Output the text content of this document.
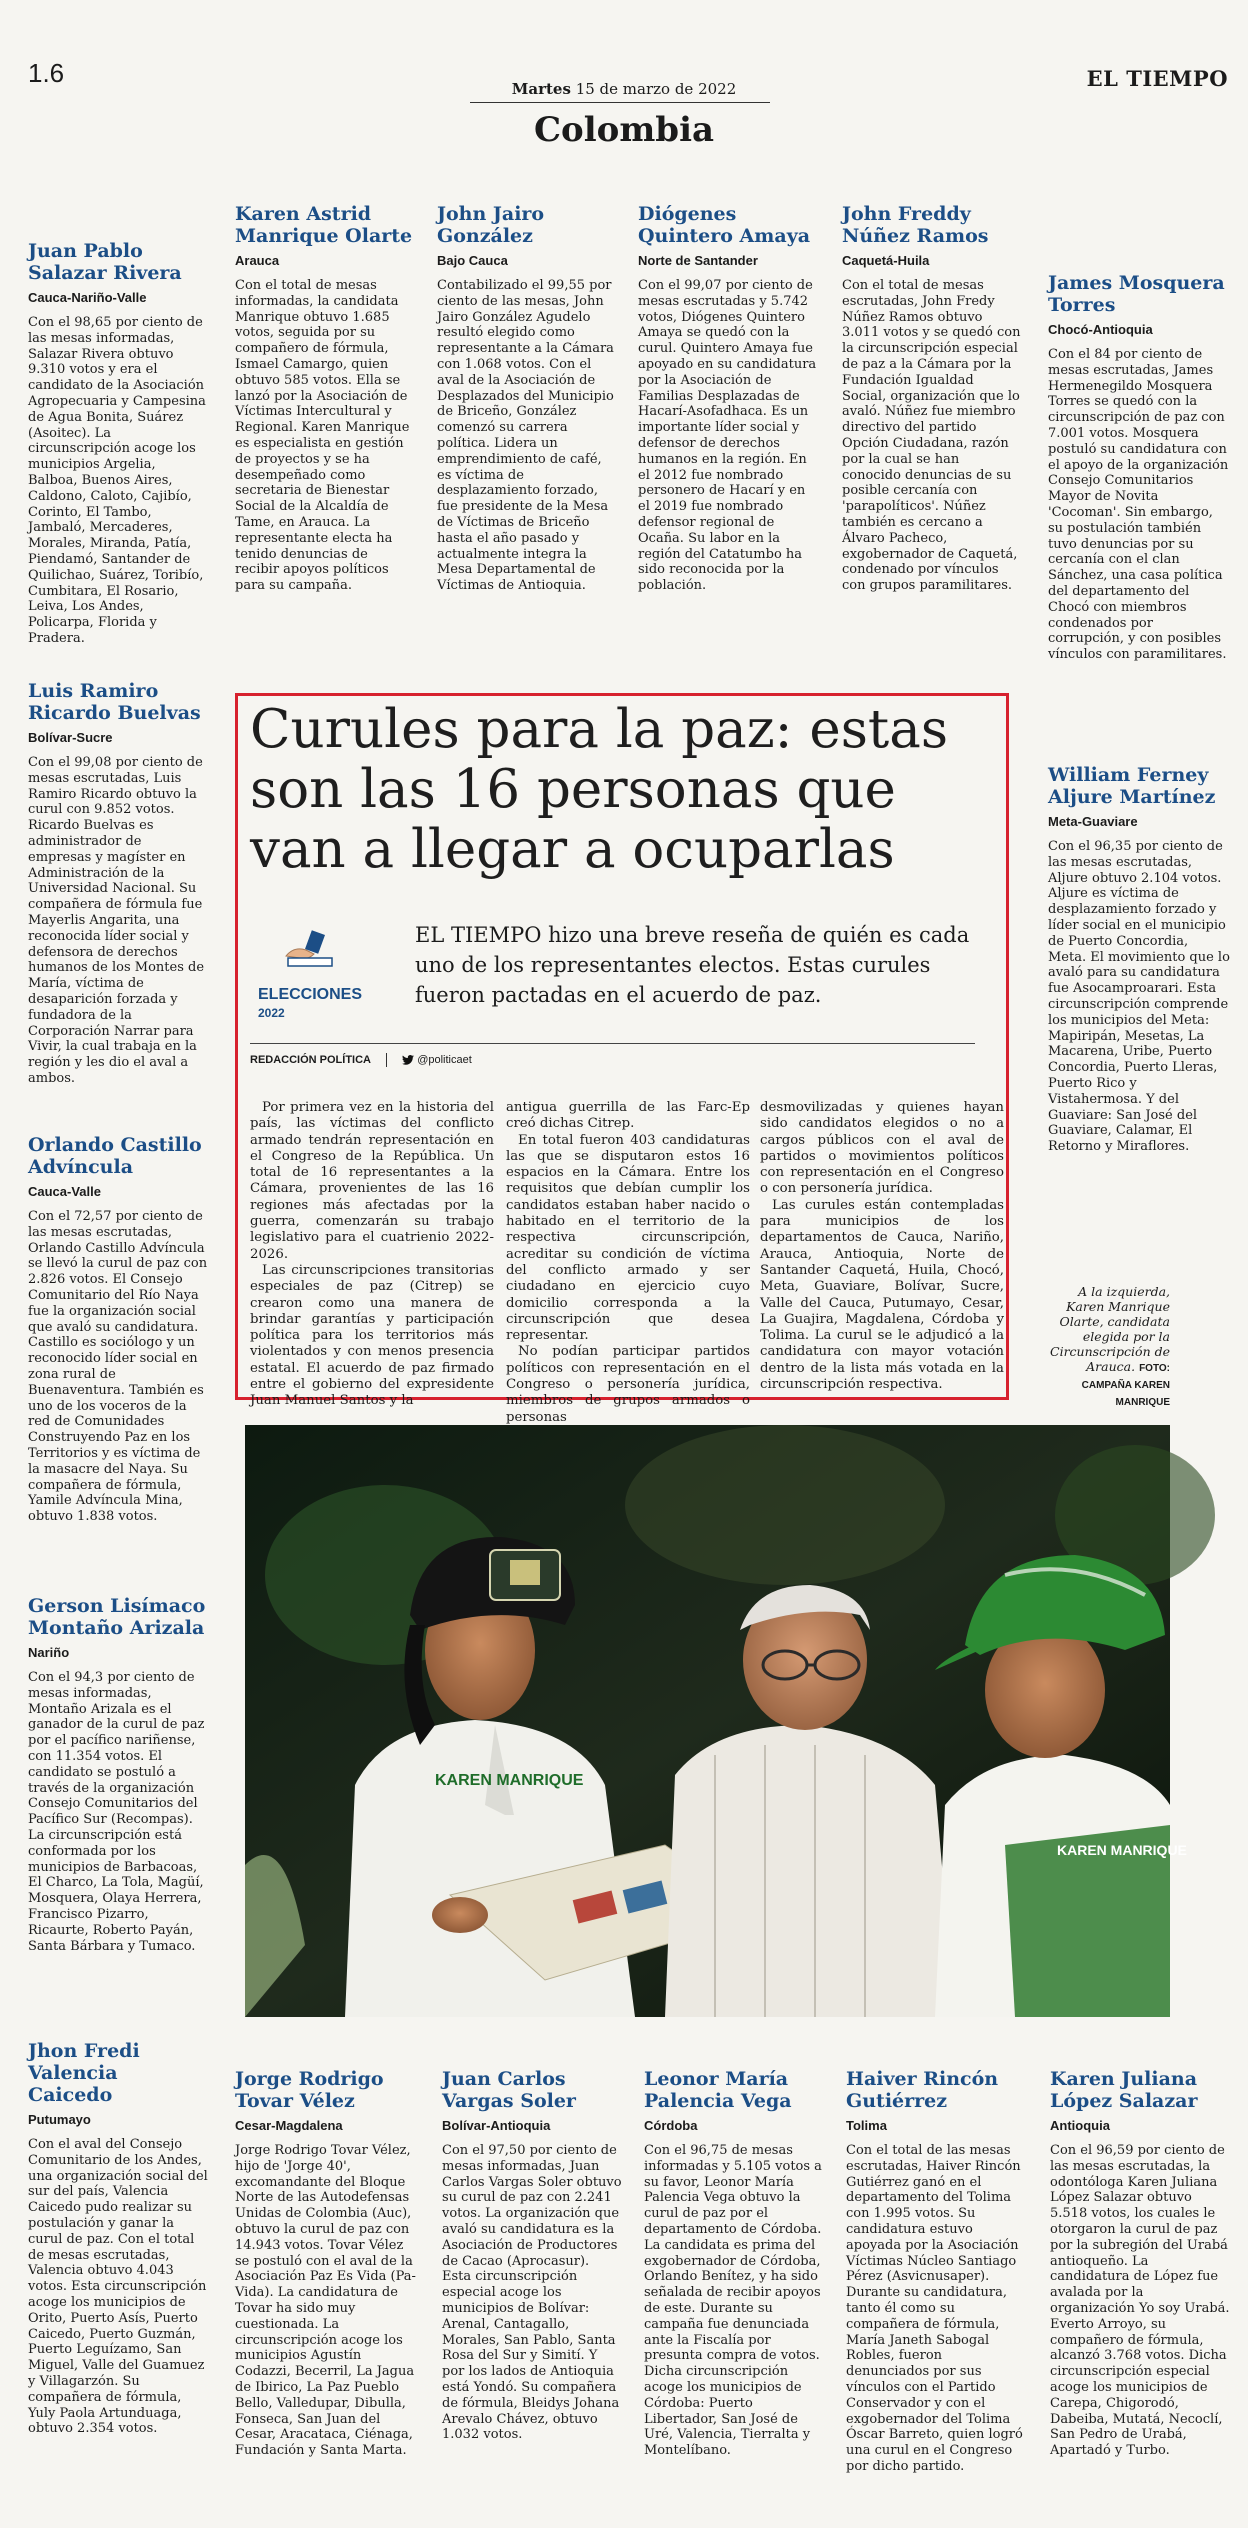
1.6	EL TIEMPO
Martes 15 de marzo de 2022
Colombia
Juan Pablo Salazar Rivera
Cauca-Nariño-Valle

Con el 98,65 por ciento de las mesas informadas, Salazar Rivera obtuvo 9.310 votos y era el candidato de la Asociación Agropecuaria y Campesina de Agua Bonita, Suárez (Asoitec). La circunscripción acoge los municipios Argelia, Balboa, Buenos Aires, Caldono, Caloto, Cajibío, Corinto, El Tambo, Jambaló, Mercaderes, Morales, Miranda, Patía, Piendamó, Santander de Quilichao, Suárez, Toribío, Cumbitara, El Rosario, Leiva, Los Andes, Policarpa, Florida y Pradera.

Karen Astrid Manrique Olarte
Arauca

Con el total de mesas informadas, la candidata Manrique obtuvo 1.685 votos, seguida por su compañero de fórmula, Ismael Camargo, quien obtuvo 585 votos. Ella se lanzó por la Asociación de Víctimas Intercultural y Regional. Karen Manrique es especialista en gestión de proyectos y se ha desempeñado como secretaria de Bienestar Social de la Alcaldía de Tame, en Arauca. La representante electa ha tenido denuncias de recibir apoyos políticos para su campaña.

John Jairo González
Bajo Cauca

Contabilizado el 99,55 por ciento de las mesas, John Jairo González Agudelo resultó elegido como representante a la Cámara con 1.068 votos. Con el aval de la Asociación de Desplazados del Municipio de Briceño, González comenzó su carrera política. Lidera un emprendimiento de café, es víctima de desplazamiento forzado, fue presidente de la Mesa de Víctimas de Briceño hasta el año pasado y actualmente integra la Mesa Departamental de Víctimas de Antioquia.

Diógenes Quintero Amaya
Norte de Santander

Con el 99,07 por ciento de mesas escrutadas y 5.742 votos, Diógenes Quintero Amaya se quedó con la curul. Quintero Amaya fue apoyado en su candidatura por la Asociación de Familias Desplazadas de Hacarí-Asofadhaca. Es un importante líder social y defensor de derechos humanos en la región. En el 2012 fue nombrado personero de Hacarí y en el 2019 fue nombrado defensor regional de Ocaña. Su labor en la región del Catatumbo ha sido reconocida por la población.

John Freddy Núñez Ramos
Caquetá-Huila

Con el total de mesas escrutadas, John Fredy Núñez Ramos obtuvo 3.011 votos y se quedó con la circunscripción especial de paz a la Cámara por la Fundación Igualdad Social, organización que lo avaló. Núñez fue miembro directivo del partido Opción Ciudadana, razón por la cual se han conocido denuncias de su posible cercanía con 'parapolíticos'. Núñez también es cercano a Álvaro Pacheco, exgobernador de Caquetá, condenado por vínculos con grupos paramilitares.

James Mosquera Torres
Chocó-Antioquia

Con el 84 por ciento de mesas escrutadas, James Hermenegildo Mosquera Torres se quedó con la circunscripción de paz con 7.001 votos. Mosquera postuló su candidatura con el apoyo de la organización Consejo Comunitarios Mayor de Novita 'Cocoman'. Sin embargo, su postulación también tuvo denuncias por su cercanía con el clan Sánchez, una casa política del departamento del Chocó con miembros condenados por corrupción, y con posibles vínculos con paramilitares.

Luis Ramiro Ricardo Buelvas
Bolívar-Sucre

Con el 99,08 por ciento de mesas escrutadas, Luis Ramiro Ricardo obtuvo la curul con 9.852 votos. Ricardo Buelvas es administrador de empresas y magíster en Administración de la Universidad Nacional. Su compañera de fórmula fue Mayerlis Angarita, una reconocida líder social y defensora de derechos humanos de los Montes de María, víctima de desaparición forzada y fundadora de la Corporación Narrar para Vivir, la cual trabaja en la región y les dio el aval a ambos.

Orlando Castillo Advíncula
Cauca-Valle

Con el 72,57 por ciento de las mesas escrutadas, Orlando Castillo Advíncula se llevó la curul de paz con 2.826 votos. El Consejo Comunitario del Río Naya fue la organización social que avaló su candidatura. Castillo es sociólogo y un reconocido líder social en zona rural de Buenaventura. También es uno de los voceros de la red de Comunidades Construyendo Paz en los Territorios y es víctima de la masacre del Naya. Su compañera de fórmula, Yamile Advíncula Mina, obtuvo 1.838 votos.

Gerson Lisímaco Montaño Arizala
Nariño

Con el 94,3 por ciento de mesas informadas, Montaño Arizala es el ganador de la curul de paz por el pacífico nariñense, con 11.354 votos. El candidato se postuló a través de la organización Consejo Comunitarios del Pacífico Sur (Recompas). La circunscripción está conformada por los municipios de Barbacoas, El Charco, La Tola, Magüí, Mosquera, Olaya Herrera, Francisco Pizarro, Ricaurte, Roberto Payán, Santa Bárbara y Tumaco.

William Ferney Aljure Martínez
Meta-Guaviare

Con el 96,35 por ciento de las mesas escrutadas, Aljure obtuvo 2.104 votos. Aljure es víctima de desplazamiento forzado y líder social en el municipio de Puerto Concordia, Meta. El movimiento que lo avaló para su candidatura fue Asocamproarari. Esta circunscripción comprende los municipios del Meta: Mapiripán, Mesetas, La Macarena, Uribe, Puerto Concordia, Puerto Lleras, Puerto Rico y Vistahermosa. Y del Guaviare: San José del Guaviare, Calamar, El Retorno y Miraflores.

Jhon Fredi Valencia Caicedo
Putumayo

Con el aval del Consejo Comunitario de los Andes, una organización social del sur del país, Valencia Caicedo pudo realizar su postulación y ganar la curul de paz. Con el total de mesas escrutadas, Valencia obtuvo 4.043 votos. Esta circunscripción acoge los municipios de Orito, Puerto Asís, Puerto Caicedo, Puerto Guzmán, Puerto Leguízamo, San Miguel, Valle del Guamuez y Villagarzón. Su compañera de fórmula, Yuly Paola Artunduaga, obtuvo 2.354 votos.

Jorge Rodrigo Tovar Vélez
Cesar-Magdalena

Jorge Rodrigo Tovar Vélez, hijo de 'Jorge 40', excomandante del Bloque Norte de las Autodefensas Unidas de Colombia (Auc), obtuvo la curul de paz con 14.943 votos. Tovar Vélez se postuló con el aval de la Asociación Paz Es Vida (Pa-Vida). La candidatura de Tovar ha sido muy cuestionada. La circunscripción acoge los municipios Agustín Codazzi, Becerril, La Jagua de Ibirico, La Paz Pueblo Bello, Valledupar, Dibulla, Fonseca, San Juan del Cesar, Aracataca, Ciénaga, Fundación y Santa Marta.

Juan Carlos Vargas Soler
Bolívar-Antioquia

Con el 97,50 por ciento de mesas informadas, Juan Carlos Vargas Soler obtuvo su curul de paz con 2.241 votos. La organización que avaló su candidatura es la Asociación de Productores de Cacao (Aprocasur). Esta circunscripción especial acoge los municipios de Bolívar: Arenal, Cantagallo, Morales, San Pablo, Santa Rosa del Sur y Simití. Y por los lados de Antioquia está Yondó. Su compañera de fórmula, Bleidys Johana Arevalo Chávez, obtuvo 1.032 votos.

Leonor María Palencia Vega
Córdoba

Con el 96,75 de mesas informadas y 5.105 votos a su favor, Leonor María Palencia Vega obtuvo la curul de paz por el departamento de Córdoba. La candidata es prima del exgobernador de Córdoba, Orlando Benítez, y ha sido señalada de recibir apoyos de este. Durante su campaña fue denunciada ante la Fiscalía por presunta compra de votos. Dicha circunscripción acoge los municipios de Córdoba: Puerto Libertador, San José de Uré, Valencia, Tierralta y Montelíbano.

Haiver Rincón Gutiérrez
Tolima

Con el total de las mesas escrutadas, Haiver Rincón Gutiérrez ganó en el departamento del Tolima con 1.995 votos. Su candidatura estuvo apoyada por la Asociación Víctimas Núcleo Santiago Pérez (Asvicnusaper). Durante su candidatura, tanto él como su compañera de fórmula, María Janeth Sabogal Robles, fueron denunciados por sus vínculos con el Partido Conservador y con el exgobernador del Tolima Óscar Barreto, quien logró una curul en el Congreso por dicho partido.

Karen Juliana López Salazar
Antioquia

Con el 96,59 por ciento de las mesas escrutadas, la odontóloga Karen Juliana López Salazar obtuvo 5.518 votos, los cuales le otorgaron la curul de paz por la subregión del Urabá antioqueño. La candidatura de López fue avalada por la organización Yo soy Urabá. Everto Arroyo, su compañero de fórmula, alcanzó 3.768 votos. Dicha circunscripción especial acoge los municipios de Carepa, Chigorodó, Dabeiba, Mutatá, Necoclí, San Pedro de Urabá, Apartadó y Turbo.

Curules para la paz: estas son las 16 personas que van a llegar a ocuparlas
ELECCIONES
2022
EL TIEMPO hizo una breve reseña de quién es cada uno de los representantes electos. Estas curules fueron pactadas en el acuerdo de paz.
REDACCIÓN POLÍTICA	@politicaet

Por primera vez en la historia del país, las víctimas del conflicto armado tendrán representación en el Congreso de la República. Un total de 16 representantes a la Cámara, provenientes de las 16 regiones más afectadas por la guerra, comenzarán su trabajo legislativo para el cuatrienio 2022-2026.

Las circunscripciones transitorias especiales de paz (Citrep) se crearon como una manera de brindar garantías y participación política para los territorios más violentados y con menos presencia estatal. El acuerdo de paz firmado entre el gobierno del expresidente Juan Manuel Santos y la

antigua guerrilla de las Farc-Ep creó dichas Citrep.

En total fueron 403 candidaturas las que se disputaron estos 16 espacios en la Cámara. Entre los requisitos que debían cumplir los candidatos estaban haber nacido o habitado en el territorio de la respectiva circunscripción, acreditar su condición de víctima del conflicto armado y ser ciudadano en ejercicio cuyo domicilio corresponda a la circunscripción que desea representar.

No podían participar partidos políticos con representación en el Congreso o personería jurídica, miembros de grupos armados o personas

desmovilizadas y quienes hayan sido candidatos elegidos o no a cargos públicos con el aval de partidos o movimientos políticos con representación en el Congreso o con personería jurídica.

Las curules están contempladas para municipios de los departamentos de Cauca, Nariño, Arauca, Antioquia, Norte de Santander Caquetá, Huila, Chocó, Meta, Guaviare, Bolívar, Sucre, Valle del Cauca, Putumayo, Cesar, La Guajira, Magdalena, Córdoba y Tolima. La curul se le adjudicó a la candidatura con mayor votación dentro de la lista más votada en la circunscripción respectiva.

A la izquierda, Karen Manrique Olarte, candidata elegida por la Circunscripción de Arauca. FOTO: CAMPAÑA KAREN MANRIQUE
KAREN MANRIQUE
KAREN MANRIQUE
